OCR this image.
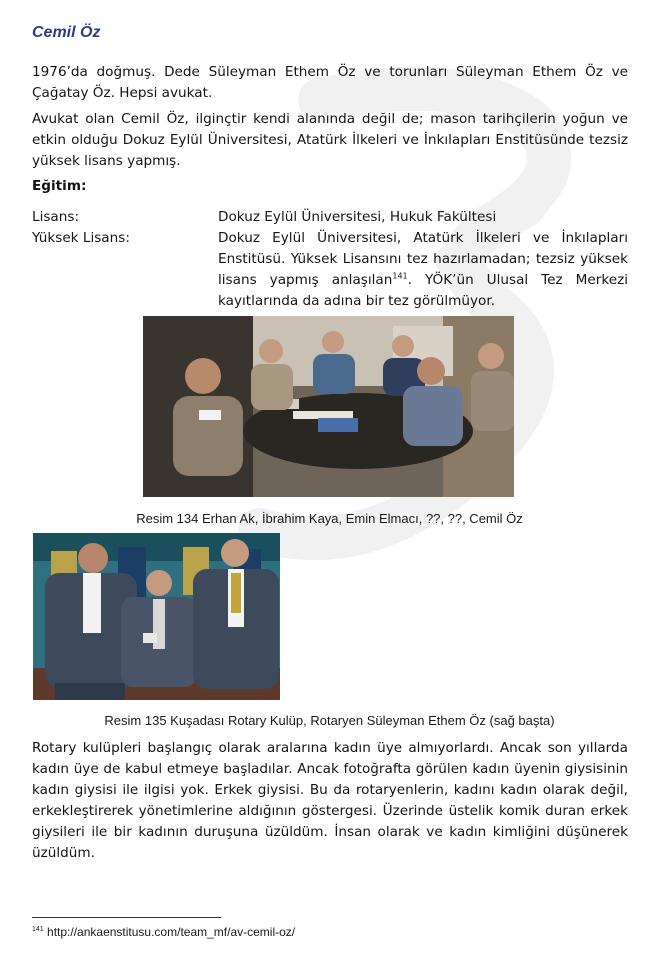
Cemil Öz

1976’da doğmuş. Dede Süleyman Ethem Öz ve torunları Süleyman Ethem Öz ve Çağatay Öz. Hepsi avukat.

Avukat olan Cemil Öz, ilginçtir kendi alanında değil de; mason tarihçilerin yoğun ve etkin olduğu Dokuz Eylül Üniversitesi, Atatürk İlkeleri ve İnkılapları Enstitüsünde tezsiz yüksek lisans yapmış.

Eğitim:
Lisans:	Dokuz Eylül Üniversitesi, Hukuk Fakültesi

Yüksek Lisans:	Dokuz Eylül Üniversitesi, Atatürk İlkeleri ve İnkılapları Enstitüsü. Yüksek Lisansını tez hazırlamadan; tezsiz yüksek lisans yapmış anlaşılan$^{141}$. YÖK’ün Ulusal Tez Merkezi kayıtlarında da adına bir tez görülmüyor.

Resim 134 Erhan Ak, İbrahim Kaya, Emin Elmacı, ??, ??, Cemil Öz
Resim 135 Kuşadası Rotary Kulüp, Rotaryen Süleyman Ethem Öz (sağ başta)

Rotary kulüpleri başlangıç olarak aralarına kadın üye almıyorlardı. Ancak son yıllarda kadın üye de kabul etmeye başladılar. Ancak fotoğrafta görülen kadın üyenin giysisinin kadın giysisi ile ilgisi yok. Erkek giysisi. Bu da rotaryenlerin, kadını kadın olarak değil, erkekleştirerek yönetimlerine aldığının göstergesi. Üzerinde üstelik komik duran erkek giysileri ile bir kadının duruşuna üzüldüm. İnsan olarak ve kadın kimliğini düşünerek üzüldüm.

$^{141}$ http://ankaenstitusu.com/team_mf/av-cemil-oz/
